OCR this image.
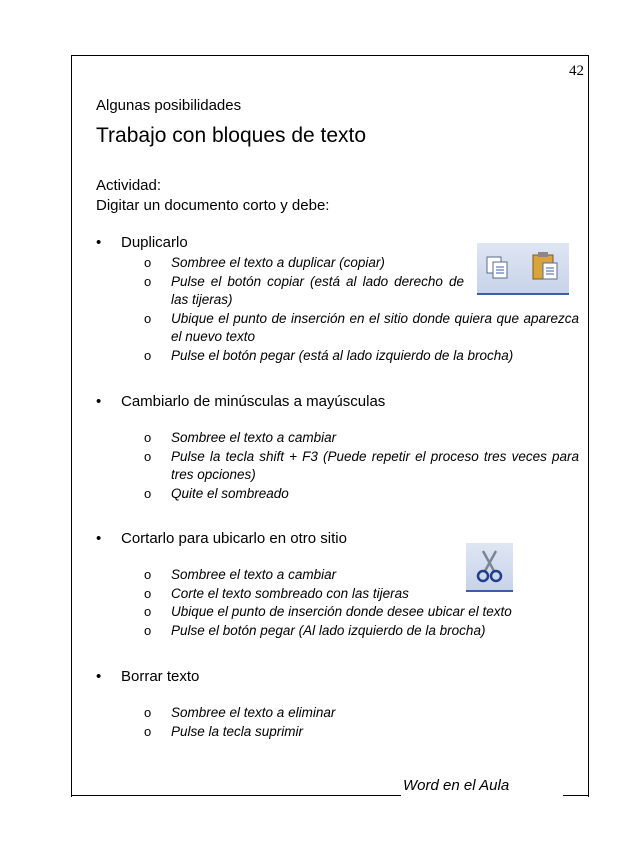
42
Algunas posibilidades
Trabajo con bloques de texto
Actividad:
Digitar un documento corto y debe:
• Duplicarlo
o	Sombree el texto a duplicar (copiar)
o	Pulse el botón copiar (está al lado derecho de las tijeras)
o	Ubique el punto de inserción en el sitio donde quiera que aparezca el nuevo texto
o	Pulse el botón pegar (está al lado izquierdo de la brocha)
• Cambiarlo de minúsculas a mayúsculas
o	Sombree el texto a cambiar
o	Pulse la tecla shift + F3 (Puede repetir el proceso tres veces para tres opciones)
o	Quite el sombreado
• Cortarlo para ubicarlo en otro sitio
o	Sombree el texto a cambiar
o	Corte el texto sombreado con las tijeras
o	Ubique el punto de inserción donde desee ubicar el texto
o	Pulse el botón pegar (Al lado izquierdo de la brocha)
• Borrar texto
o	Sombree el texto a eliminar
o	Pulse la tecla suprimir
Word en el Aula
